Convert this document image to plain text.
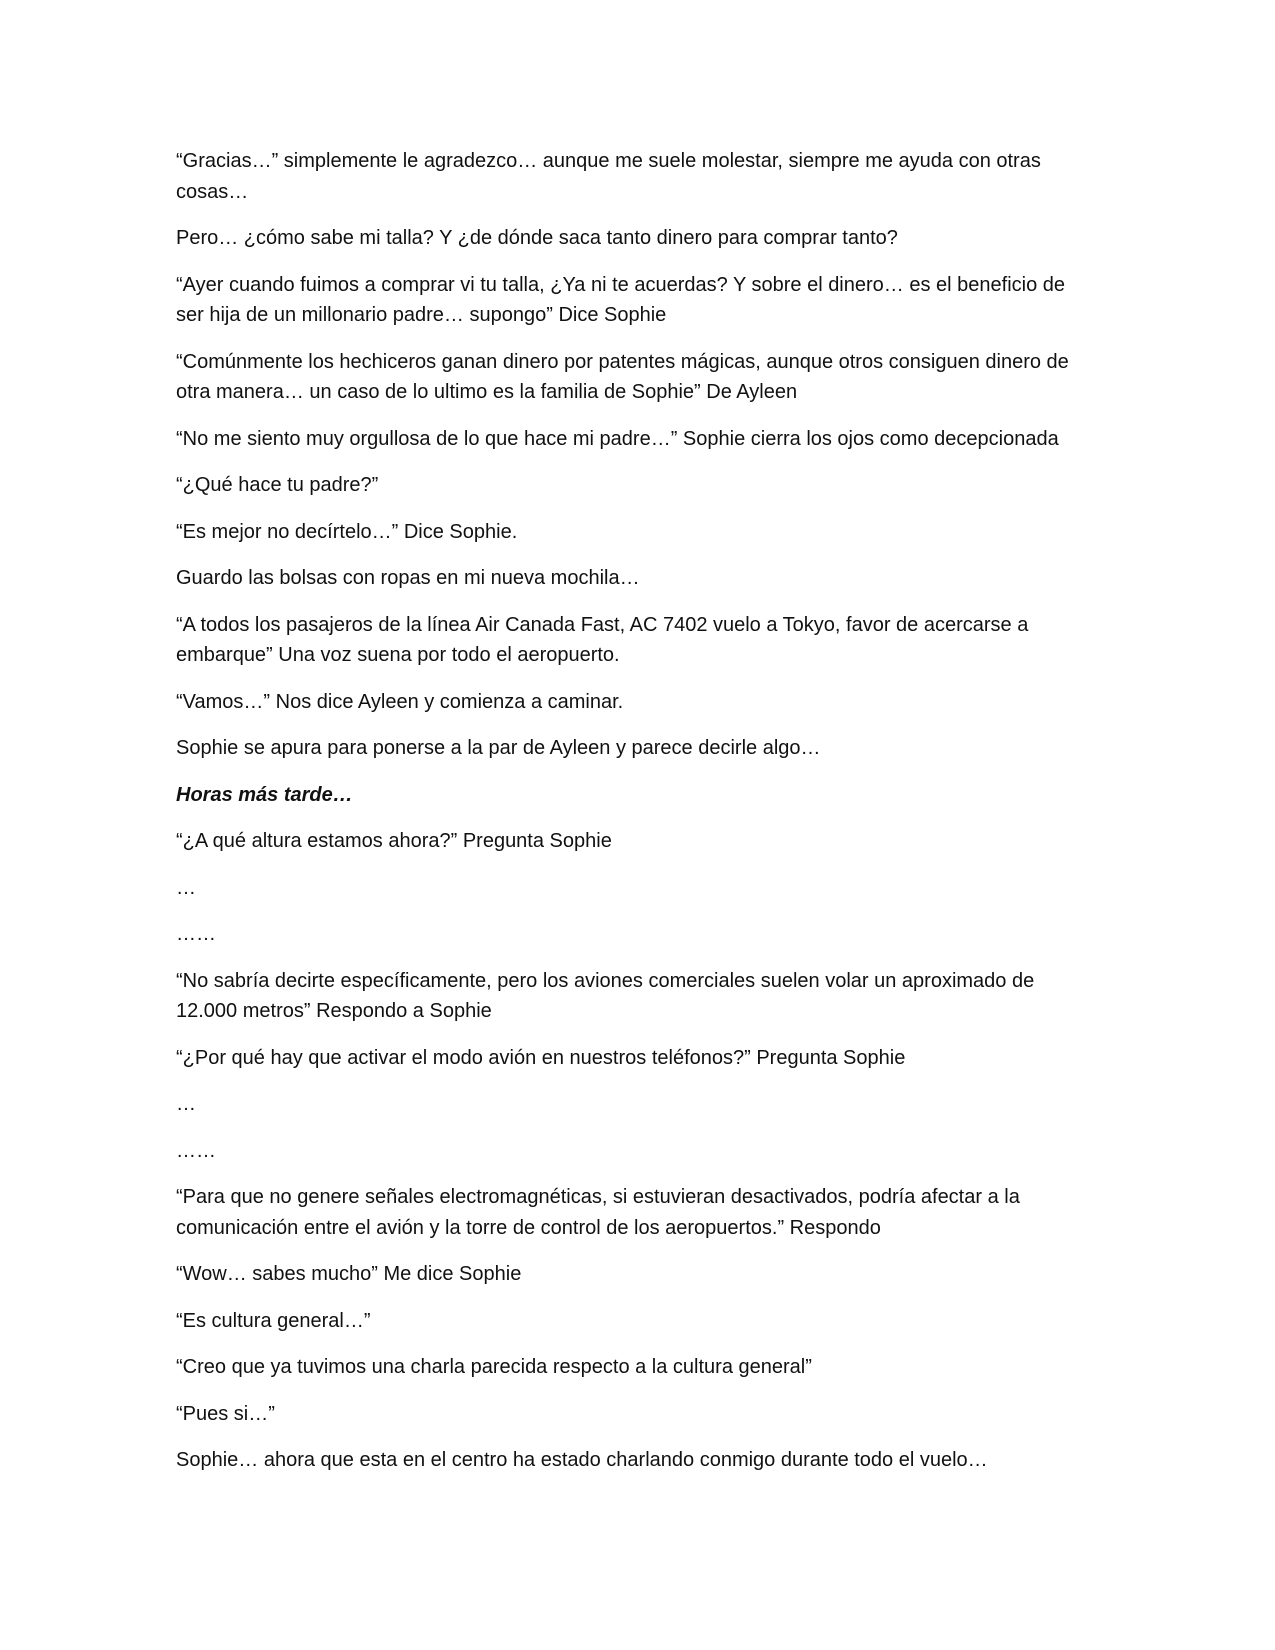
“Gracias…” simplemente le agradezco… aunque me suele molestar, siempre me ayuda con otras cosas…

Pero… ¿cómo sabe mi talla? Y ¿de dónde saca tanto dinero para comprar tanto?

“Ayer cuando fuimos a comprar vi tu talla, ¿Ya ni te acuerdas? Y sobre el dinero… es el beneficio de ser hija de un millonario padre… supongo” Dice Sophie

“Comúnmente los hechiceros ganan dinero por patentes mágicas, aunque otros consiguen dinero de otra manera… un caso de lo ultimo es la familia de Sophie” De Ayleen

“No me siento muy orgullosa de lo que hace mi padre…” Sophie cierra los ojos como decepcionada

“¿Qué hace tu padre?”

“Es mejor no decírtelo…” Dice Sophie.

Guardo las bolsas con ropas en mi nueva mochila…

“A todos los pasajeros de la línea Air Canada Fast, AC 7402 vuelo a Tokyo, favor de acercarse a embarque” Una voz suena por todo el aeropuerto.

“Vamos…” Nos dice Ayleen y comienza a caminar.

Sophie se apura para ponerse a la par de Ayleen y parece decirle algo…

Horas más tarde…

“¿A qué altura estamos ahora?” Pregunta Sophie

…

……

“No sabría decirte específicamente, pero los aviones comerciales suelen volar un aproximado de 12.000 metros” Respondo a Sophie

“¿Por qué hay que activar el modo avión en nuestros teléfonos?” Pregunta Sophie

…

……

“Para que no genere señales electromagnéticas, si estuvieran desactivados, podría afectar a la comunicación entre el avión y la torre de control de los aeropuertos.” Respondo

“Wow… sabes mucho” Me dice Sophie

“Es cultura general…”

“Creo que ya tuvimos una charla parecida respecto a la cultura general”

“Pues si…”

Sophie… ahora que esta en el centro ha estado charlando conmigo durante todo el vuelo…
